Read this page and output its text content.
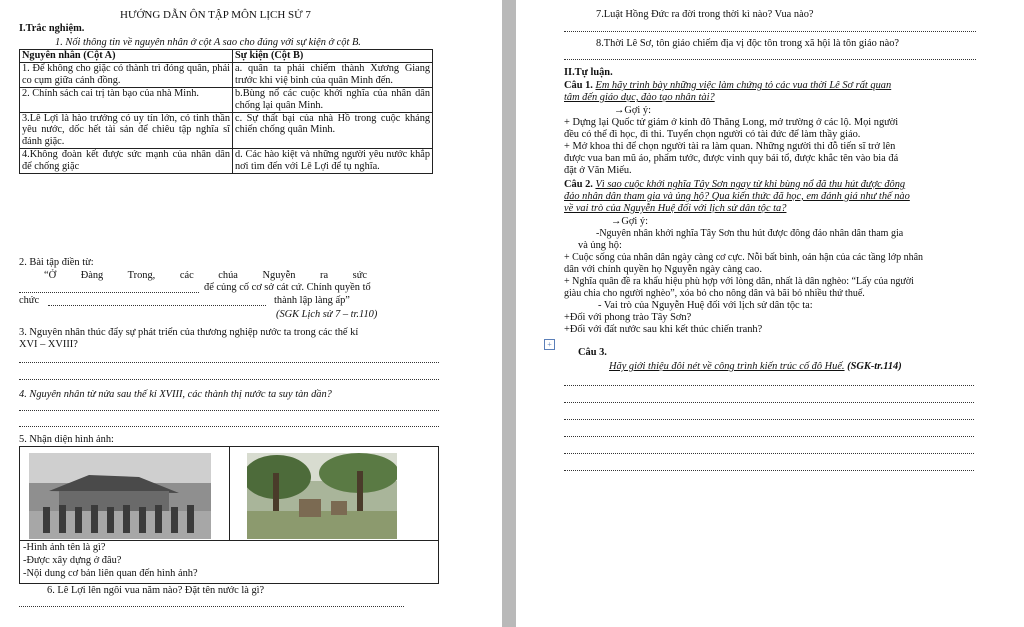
HƯỚNG DẪN ÔN TẬP MÔN LỊCH SỬ 7
I.Trắc nghiệm.
1. Nối thông tin về nguyên nhân ở cột A sao cho đúng với sự kiện ở cột B.
Nguyên nhân (Cột A)	Sự kiện (Cột B)
1. Để không cho giặc có thành trì đóng quân, phải co cụm giữa cánh đồng.	a. quân ta phải chiếm thành Xương Giang trước khi việ binh của quân Minh đến.
2. Chính sách cai trị tàn bạo của nhà Minh.	b.Bùng nổ các cuộc khởi nghĩa của nhân dân chống lại quân Minh.
3.Lê Lợi là hào trưởng có uy tín lớn, có tinh thần yêu nước, dốc hết tài sản để chiêu tập nghĩa sĩ đánh giặc.	c. Sự thất bại của nhà Hồ trong cuộc kháng chiến chống quân Minh.
4.Không đoàn kết được sức mạnh của nhân dân để chống giặc	d. Các hào kiệt và những người yêu nước khắp nơi tìm đến với Lê Lợi để tụ nghĩa.
2. Bài tập điền từ:
“Ở Đàng Trong, các chúa Nguyễn ra sức
để củng cố cơ sở cát cứ. Chính quyền tổ
chức	thành lập làng ấp”
(SGK Lịch sử 7 – tr.110)
3. Nguyên nhân thúc đẩy sự phát triển của thương nghiệp nước ta trong các thế kỉ
XVI – XVIII?
4. Nguyên nhân từ nửa sau thế kỉ XVIII, các thành thị nước ta suy tàn dần?
5. Nhận diện hình ảnh:
-Hình ảnh tên là gì?
-Được xây dựng ở đâu?
-Nội dung cơ bản liên quan đến hình ảnh?
6. Lê Lợi lên ngôi vua năm nào? Đặt tên nước là gì?
7.Luật Hồng Đức ra đời trong thời kì nào? Vua nào?
8.Thời Lê Sơ, tôn giáo chiếm địa vị độc tôn trong xã hội là tôn giáo nào?
II.Tự luận.
Câu 1. Em hãy trình bày những việc làm chứng tỏ các vua thời Lê Sơ rất quan
tâm đến giáo dục, đào tạo nhân tài?
→Gợi ý:
+ Dựng lại Quốc tử giám ở kinh đô Thăng Long, mở trường ở các lộ. Mọi người
đều có thể đi học, đi thi. Tuyển chọn người có tài đức để làm thầy giáo.
+ Mở khoa thi để chọn người tài ra làm quan. Những người thi đỗ tiến sĩ trở lên
được vua ban mũ áo, phẩm tước, được vinh quy bái tổ, được khắc tên vào bia đá
đặt ở Văn Miếu.
Câu 2. Vì sao cuộc khởi nghĩa Tây Sơn ngay từ khi bùng nổ đã thu hút được đông
đảo nhân dân tham gia và ủng hộ? Qua kiến thức đã học, em đánh giá như thế nào
về vai trò của Nguyễn Huệ đối với lịch sử dân tộc ta?
→Gợi ý:
-Nguyên nhân khởi nghĩa Tây Sơn thu hút được đông đảo nhân dân tham gia
và ủng hộ:
+ Cuộc sống của nhân dân ngày càng cơ cực. Nỗi bất bình, oán hận của các tầng lớp nhân
dân với chính quyền họ Nguyễn ngày càng cao.
+ Nghĩa quân đề ra khẩu hiệu phù hợp với lòng dân, nhất là dân nghèo: “Lấy của người
giàu chia cho người nghèo”, xóa bỏ cho nông dân và bãi bỏ nhiều thứ thuế.
- Vai trò của Nguyễn Huệ đối với lịch sử dân tộc ta:
+Đối với phong trào Tây Sơn?
+Đối với đất nước sau khi kết thúc chiến tranh?
Câu 3.
Hãy giới thiệu đôi nét về công trình kiến trúc cố đô Huế. (SGK-tr.114)
+
